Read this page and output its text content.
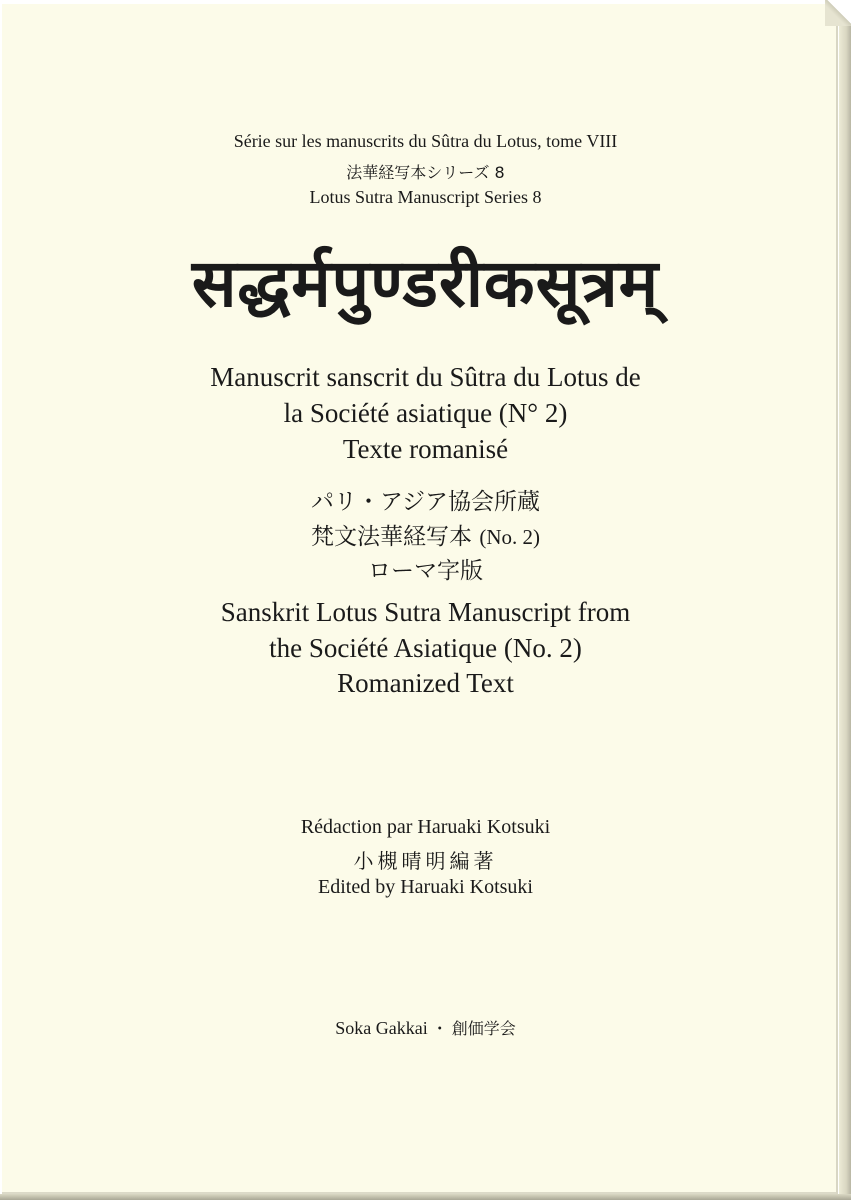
Série sur les manuscrits du Sûtra du Lotus, tome VIII
法華経写本シリーズ 8
Lotus Sutra Manuscript Series 8
सद्धर्मपुण्डरीकसूत्रम्
Manuscrit sanscrit du Sûtra du Lotus de
la Société asiatique (N° 2)
Texte romanisé
パリ・アジア協会所蔵
梵文法華経写本 (No. 2)
ローマ字版
Sanskrit Lotus Sutra Manuscript from
the Société Asiatique (No. 2)
Romanized Text
Rédaction par Haruaki Kotsuki
小槻晴明編著
Edited by Haruaki Kotsuki
Soka Gakkai ・ 創価学会
